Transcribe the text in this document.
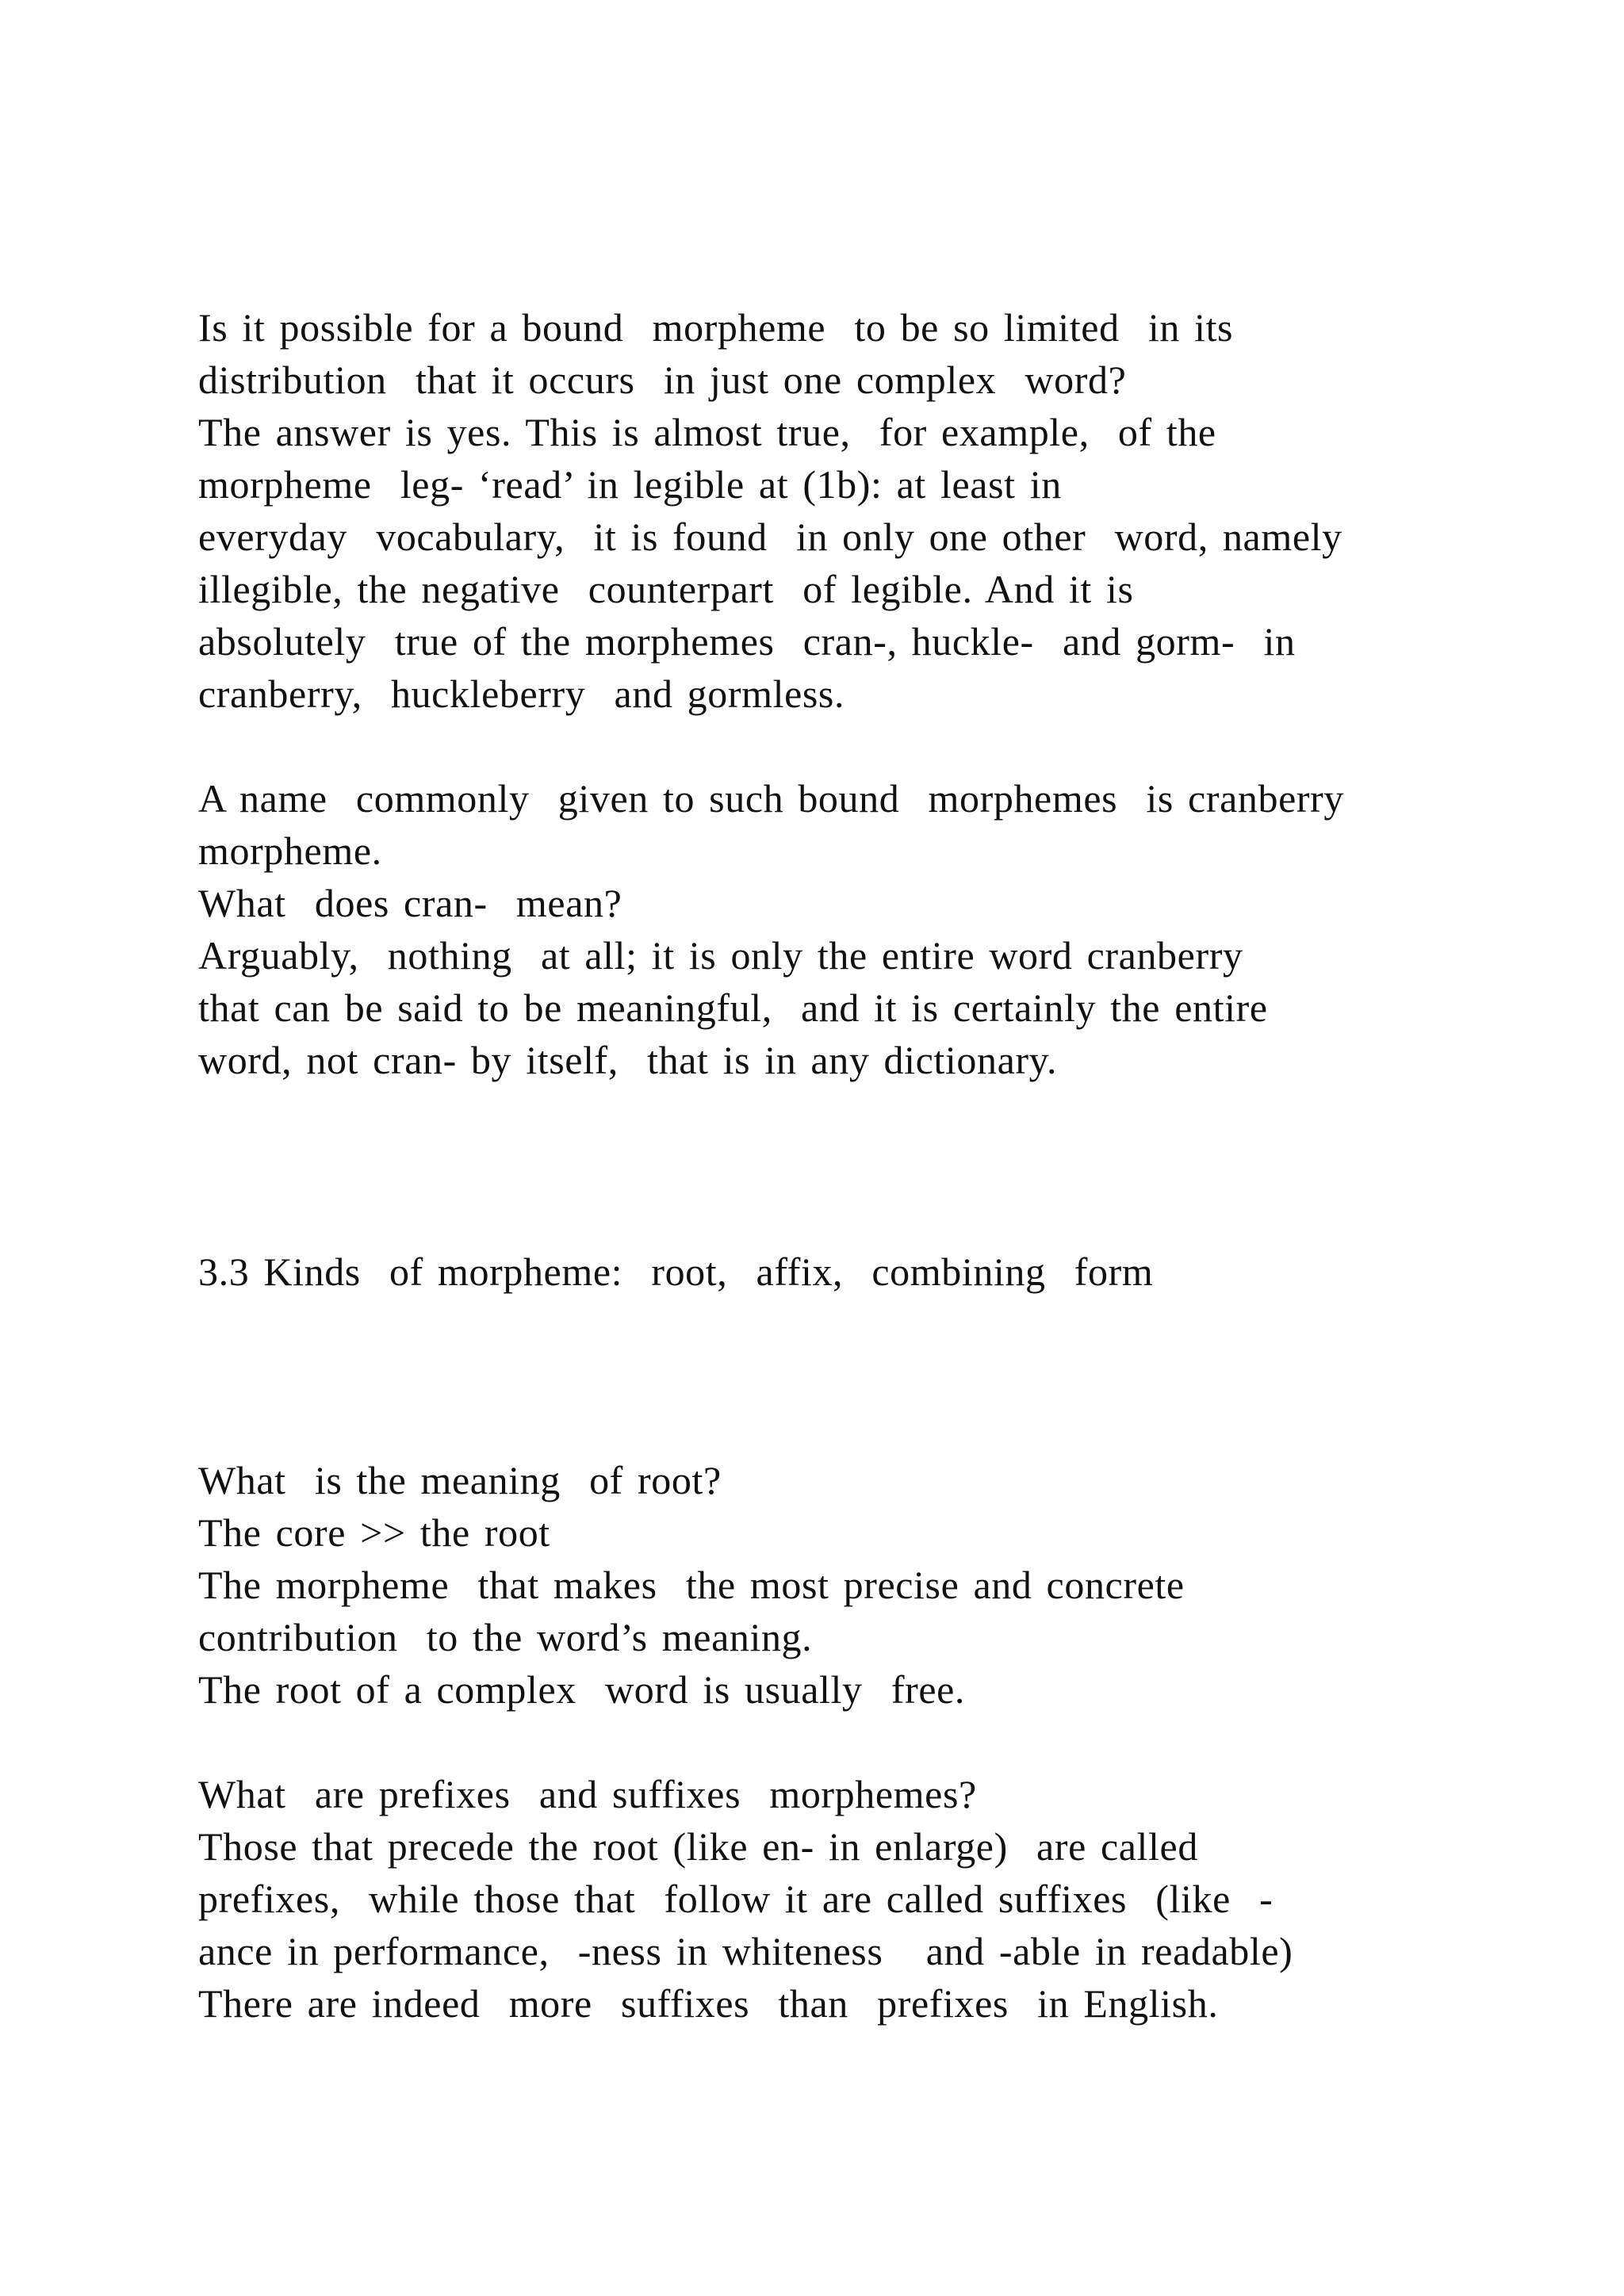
Is it possible for a bound  morpheme  to be so limited  in its

distribution  that it occurs  in just one complex  word?

The answer is yes. This is almost true,  for example,  of the

morpheme  leg- ‘read’ in legible at (1b): at least in

everyday  vocabulary,  it is found  in only one other  word, namely

illegible, the negative  counterpart  of legible. And it is

absolutely  true of the morphemes  cran-, huckle-  and gorm-  in

cranberry,  huckleberry  and gormless.

A name  commonly  given to such bound  morphemes  is cranberry

morpheme.

What  does cran-  mean?

Arguably,  nothing  at all; it is only the entire word cranberry

that can be said to be meaningful,  and it is certainly the entire

word, not cran- by itself,  that is in any dictionary.

3.3 Kinds  of morpheme:  root,  affix,  combining  form

What  is the meaning  of root?

The core >> the root

The morpheme  that makes  the most precise and concrete

contribution  to the word’s meaning.

The root of a complex  word is usually  free.

What  are prefixes  and suffixes  morphemes?

Those that precede the root (like en- in enlarge)  are called

prefixes,  while those that  follow it are called suffixes  (like  -

ance in performance,  -ness in whiteness   and -able in readable)

There are indeed  more  suffixes  than  prefixes  in English.
